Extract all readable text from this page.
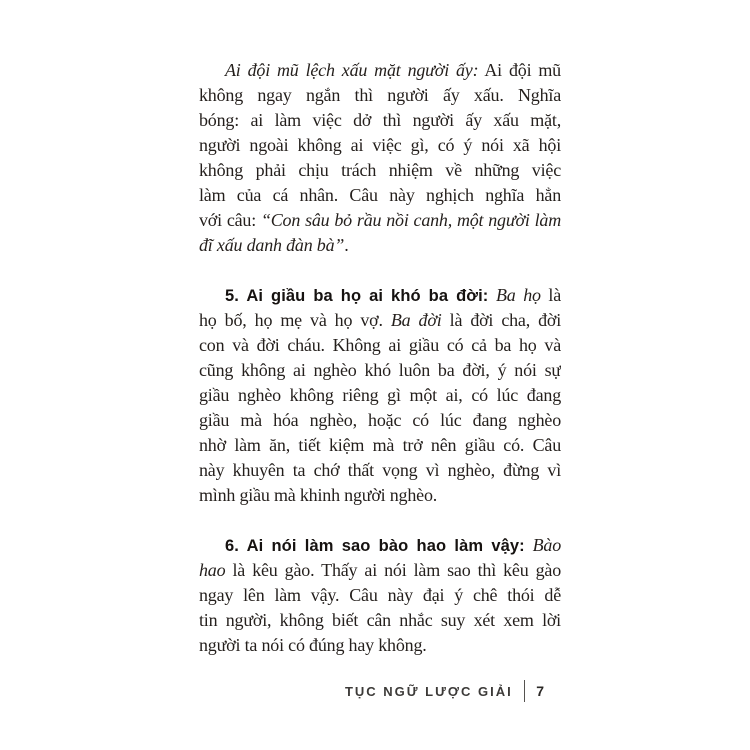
Ai đội mũ lệch xấu mặt người ấy: Ai đội mũ
không ngay ngắn thì người ấy xấu. Nghĩa
bóng: ai làm việc dở thì người ấy xấu mặt,
người ngoài không ai việc gì, có ý nói xã hội
không phải chịu trách nhiệm về những việc
làm của cá nhân. Câu này nghịch nghĩa hẳn
với câu: “Con sâu bỏ rầu nồi canh, một người làm
đĩ xấu danh đàn bà”.
5. Ai giầu ba họ ai khó ba đời: Ba họ là
họ bố, họ mẹ và họ vợ. Ba đời là đời cha, đời
con và đời cháu. Không ai giầu có cả ba họ và
cũng không ai nghèo khó luôn ba đời, ý nói sự
giầu nghèo không riêng gì một ai, có lúc đang
giầu mà hóa nghèo, hoặc có lúc đang nghèo
nhờ làm ăn, tiết kiệm mà trở nên giầu có. Câu
này khuyên ta chớ thất vọng vì nghèo, đừng vì
mình giầu mà khinh người nghèo.
6. Ai nói làm sao bào hao làm vậy: Bào
hao là kêu gào. Thấy ai nói làm sao thì kêu gào
ngay lên làm vậy. Câu này đại ý chê thói dễ
tin người, không biết cân nhắc suy xét xem lời
người ta nói có đúng hay không.
TỤC NGỮ LƯỢC GIẢI 7
